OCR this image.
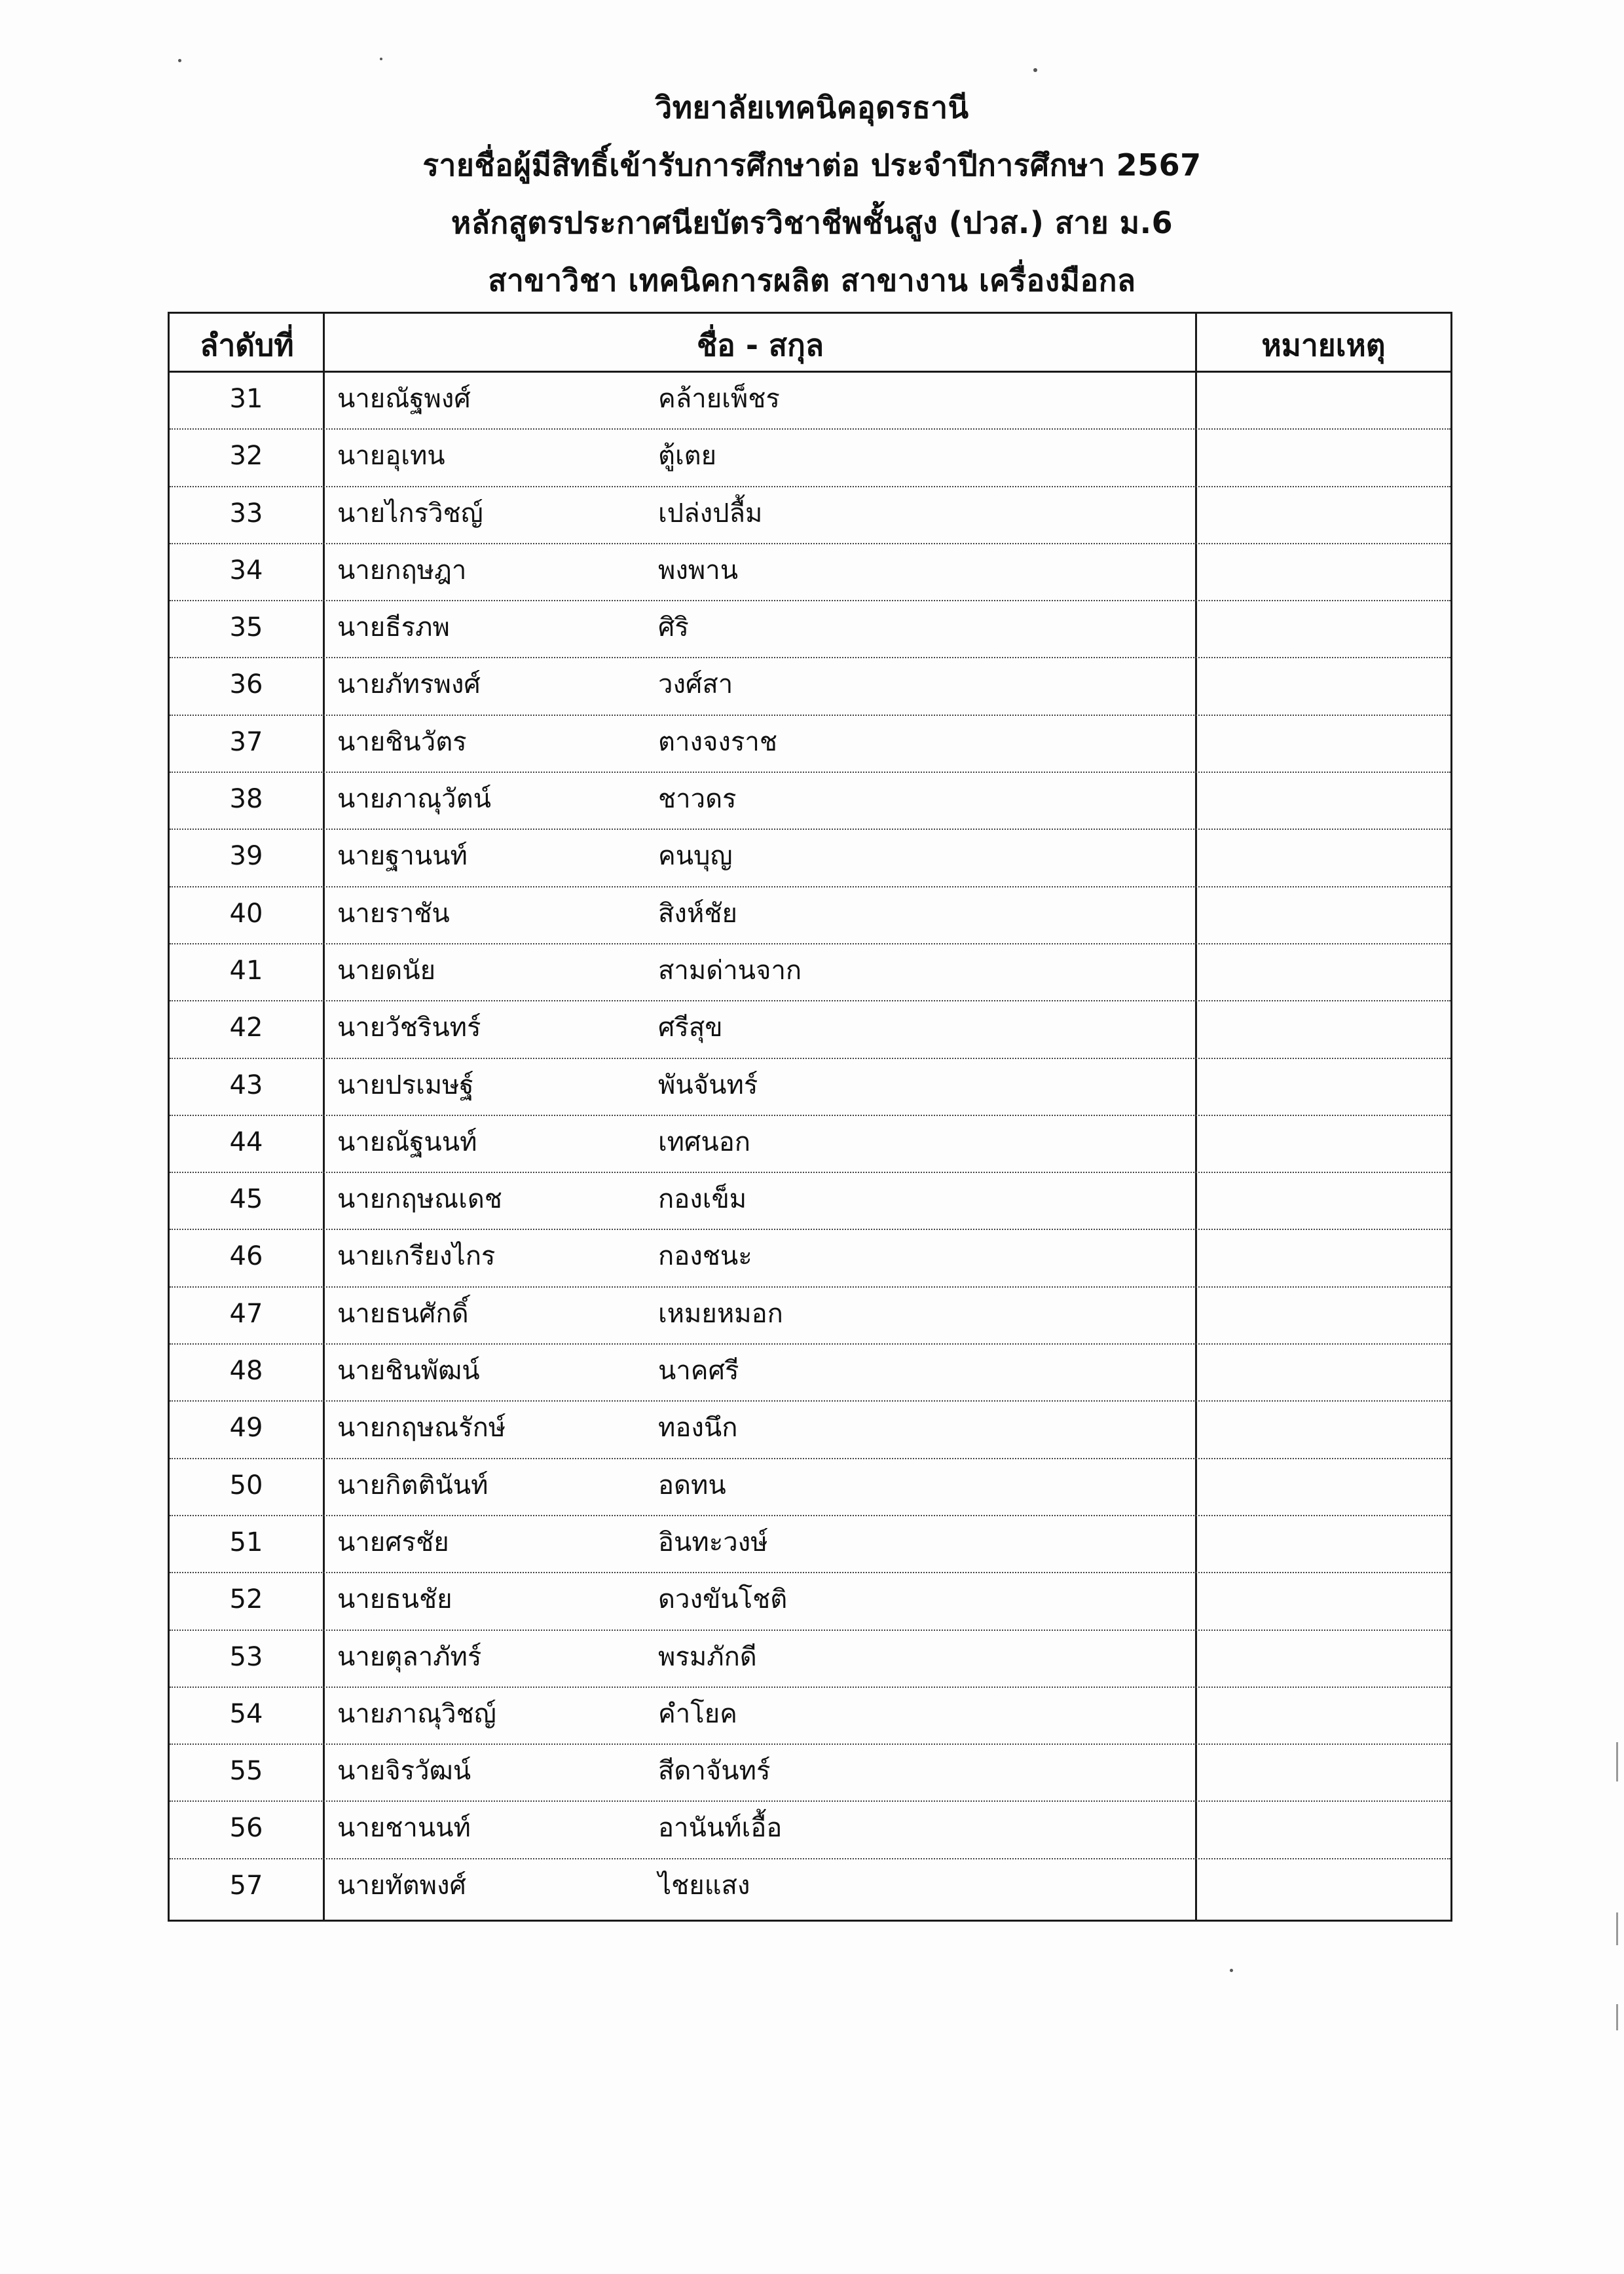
วิทยาลัยเทคนิคอุดรธานี
รายชื่อผู้มีสิทธิ์เข้ารับการศึกษาต่อ ประจำปีการศึกษา 2567
หลักสูตรประกาศนียบัตรวิชาชีพชั้นสูง (ปวส.) สาย ม.6
สาขาวิชา เทคนิคการผลิต สาขางาน เครื่องมือกล
ลำดับที่	ชื่อ - สกุล	หมายเหตุ
31	นายณัฐพงศ์	คล้ายเพ็ชร
32	นายอุเทน	ตู้เตย
33	นายไกรวิชญ์	เปล่งปลื้ม
34	นายกฤษฎา	พงพาน
35	นายธีรภพ	ศิริ
36	นายภัทรพงศ์	วงศ์สา
37	นายชินวัตร	ตางจงราช
38	นายภาณุวัตน์	ชาวดร
39	นายฐานนท์	คนบุญ
40	นายราชัน	สิงห์ชัย
41	นายดนัย	สามด่านจาก
42	นายวัชรินทร์	ศรีสุข
43	นายปรเมษฐ์	พันจันทร์
44	นายณัฐนนท์	เทศนอก
45	นายกฤษณเดช	กองเข็ม
46	นายเกรียงไกร	กองชนะ
47	นายธนศักดิ์	เหมยหมอก
48	นายชินพัฒน์	นาคศรี
49	นายกฤษณรักษ์	ทองนึก
50	นายกิตตินันท์	อดทน
51	นายศรชัย	อินทะวงษ์
52	นายธนชัย	ดวงขันโชติ
53	นายตุลาภัทร์	พรมภักดี
54	นายภาณุวิชญ์	คำโยค
55	นายจิรวัฒน์	สีดาจันทร์
56	นายชานนท์	อานันท์เอื้อ
57	นายทัตพงศ์	ไชยแสง
